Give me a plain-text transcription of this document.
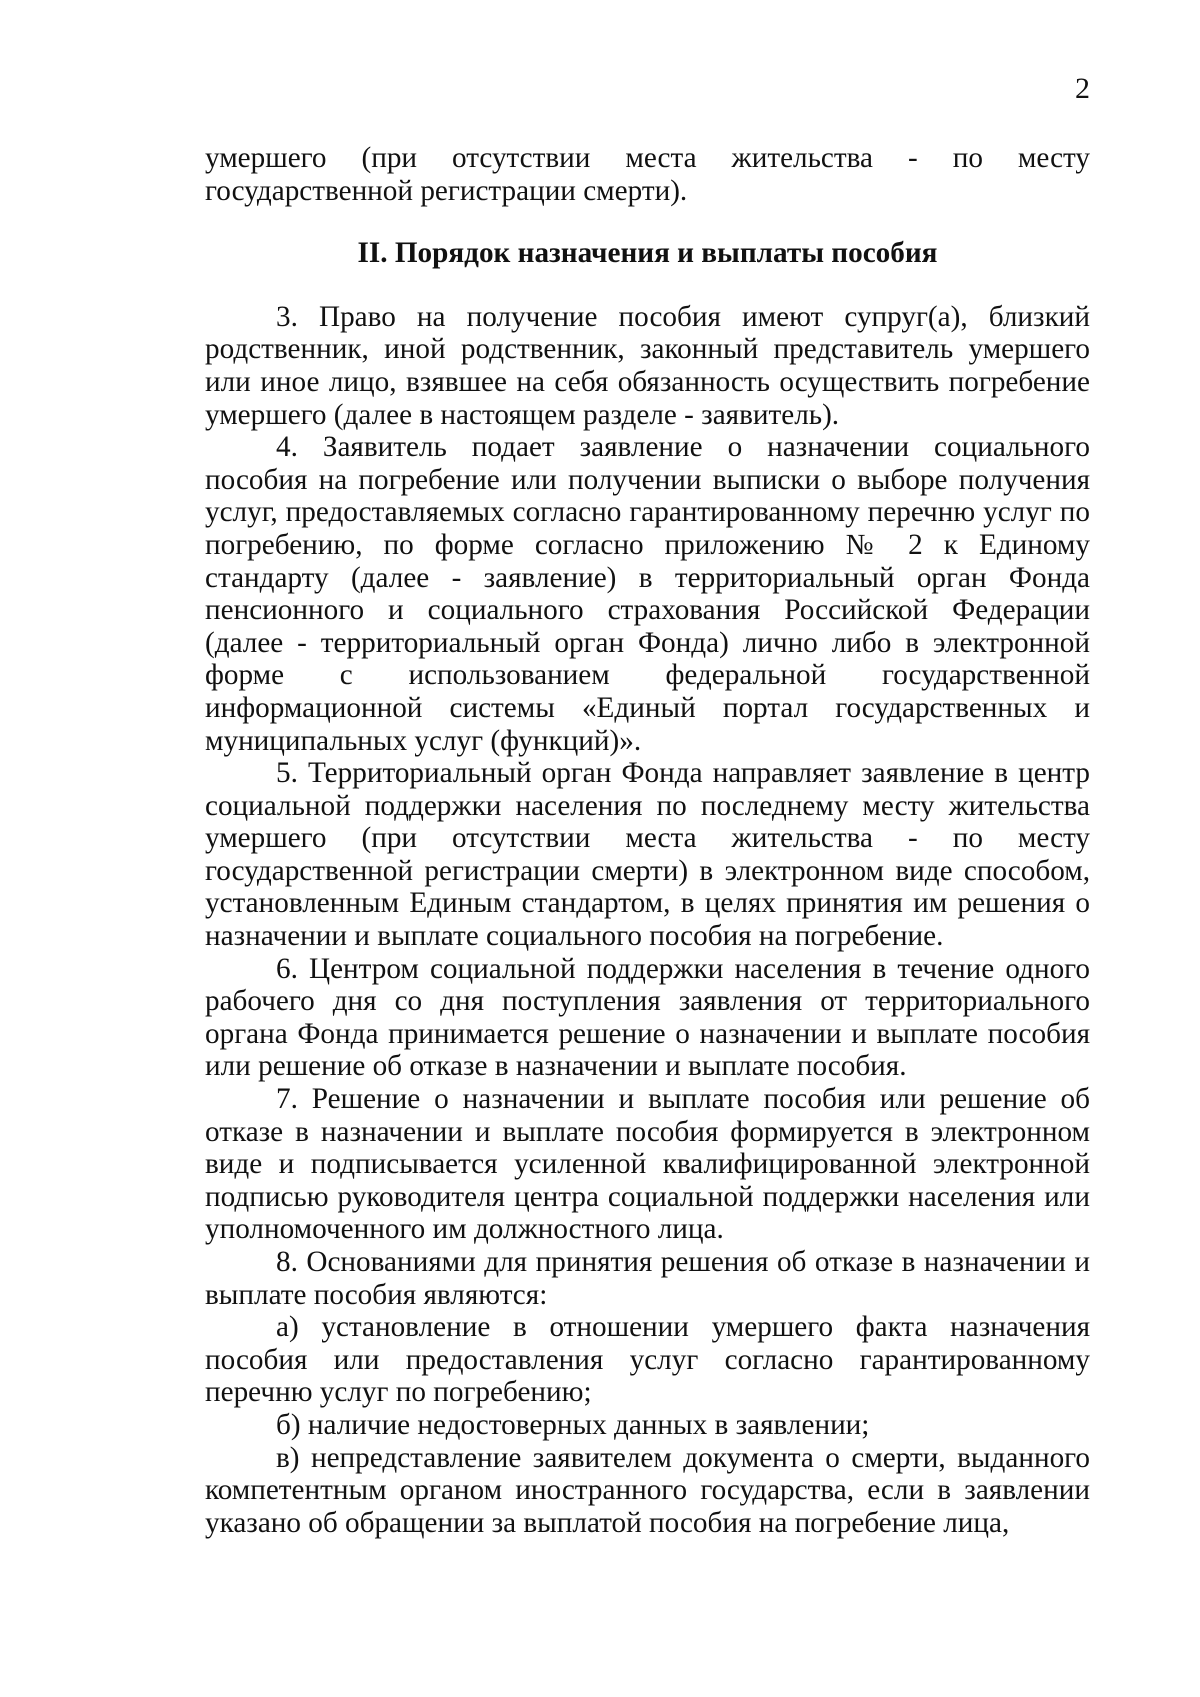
2

умершего (при отсутствии места жительства - по месту государственной регистрации смерти).

II. Порядок назначения и выплаты пособия

3. Право на получение пособия имеют супруг(а), близкий родственник, иной родственник, законный представитель умершего или иное лицо, взявшее на себя обязанность осуществить погребение умершего (далее в настоящем разделе - заявитель).

4. Заявитель подает заявление о назначении социального пособия на погребение или получении выписки о выборе получения услуг, предоставляемых согласно гарантированному перечню услуг по погребению, по форме согласно приложению № 2 к Единому стандарту (далее - заявление) в территориальный орган Фонда пенсионного и социального страхования Российской Федерации (далее - территориальный орган Фонда) лично либо в электронной форме с использованием федеральной государственной информационной системы «Единый портал государственных и муниципальных услуг (функций)».

5. Территориальный орган Фонда направляет заявление в центр социальной поддержки населения по последнему месту жительства умершего (при отсутствии места жительства - по месту государственной регистрации смерти) в электронном виде способом, установленным Единым стандартом, в целях принятия им решения о назначении и выплате социального пособия на погребение.

6. Центром социальной поддержки населения в течение одного рабочего дня со дня поступления заявления от территориального органа Фонда принимается решение о назначении и выплате пособия или решение об отказе в назначении и выплате пособия.

7. Решение о назначении и выплате пособия или решение об отказе в назначении и выплате пособия формируется в электронном виде и подписывается усиленной квалифицированной электронной подписью руководителя центра социальной поддержки населения или уполномоченного им должностного лица.

8. Основаниями для принятия решения об отказе в назначении и выплате пособия являются:

а) установление в отношении умершего факта назначения пособия или предоставления услуг согласно гарантированному перечню услуг по погребению;

б) наличие недостоверных данных в заявлении;

в) непредставление заявителем документа о смерти, выданного компетентным органом иностранного государства, если в заявлении указано об обращении за выплатой пособия на погребение лица,
